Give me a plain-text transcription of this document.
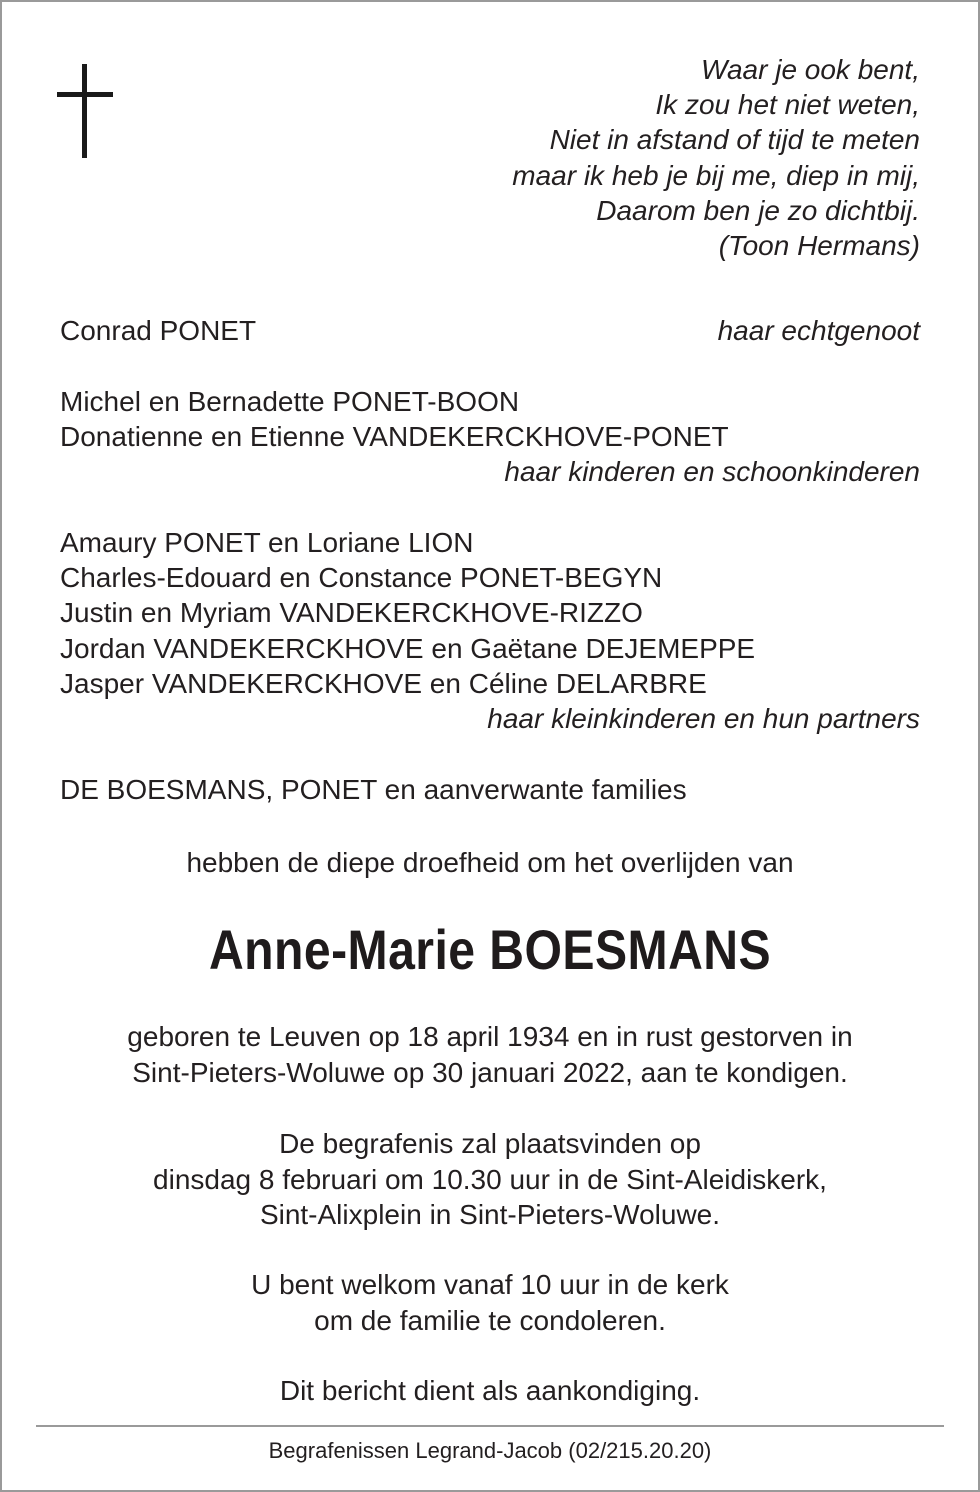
Waar je ook bent,
Ik zou het niet weten,
Niet in afstand of tijd te meten
maar ik heb je bij me, diep in mij,
Daarom ben je zo dichtbij.
(Toon Hermans)
Conrad PONET	haar echtgenoot
Michel en Bernadette PONET-BOON
Donatienne en Etienne VANDEKERCKHOVE-PONET
haar kinderen en schoonkinderen
Amaury PONET en Loriane LION
Charles-Edouard en Constance PONET-BEGYN
Justin en Myriam VANDEKERCKHOVE-RIZZO
Jordan VANDEKERCKHOVE en Gaëtane DEJEMEPPE
Jasper VANDEKERCKHOVE en Céline DELARBRE
haar kleinkinderen en hun partners
DE BOESMANS, PONET en aanverwante families
hebben de diepe droefheid om het overlijden van
Anne-Marie BOESMANS
geboren te Leuven op 18 april 1934 en in rust gestorven in
Sint-Pieters-Woluwe op 30 januari 2022, aan te kondigen.
De begrafenis zal plaatsvinden op
dinsdag 8 februari om 10.30 uur in de Sint-Aleidiskerk,
Sint-Alixplein in Sint-Pieters-Woluwe.
U bent welkom vanaf 10 uur in de kerk
om de familie te condoleren.
Dit bericht dient als aankondiging.
Begrafenissen Legrand-Jacob (02/215.20.20)
